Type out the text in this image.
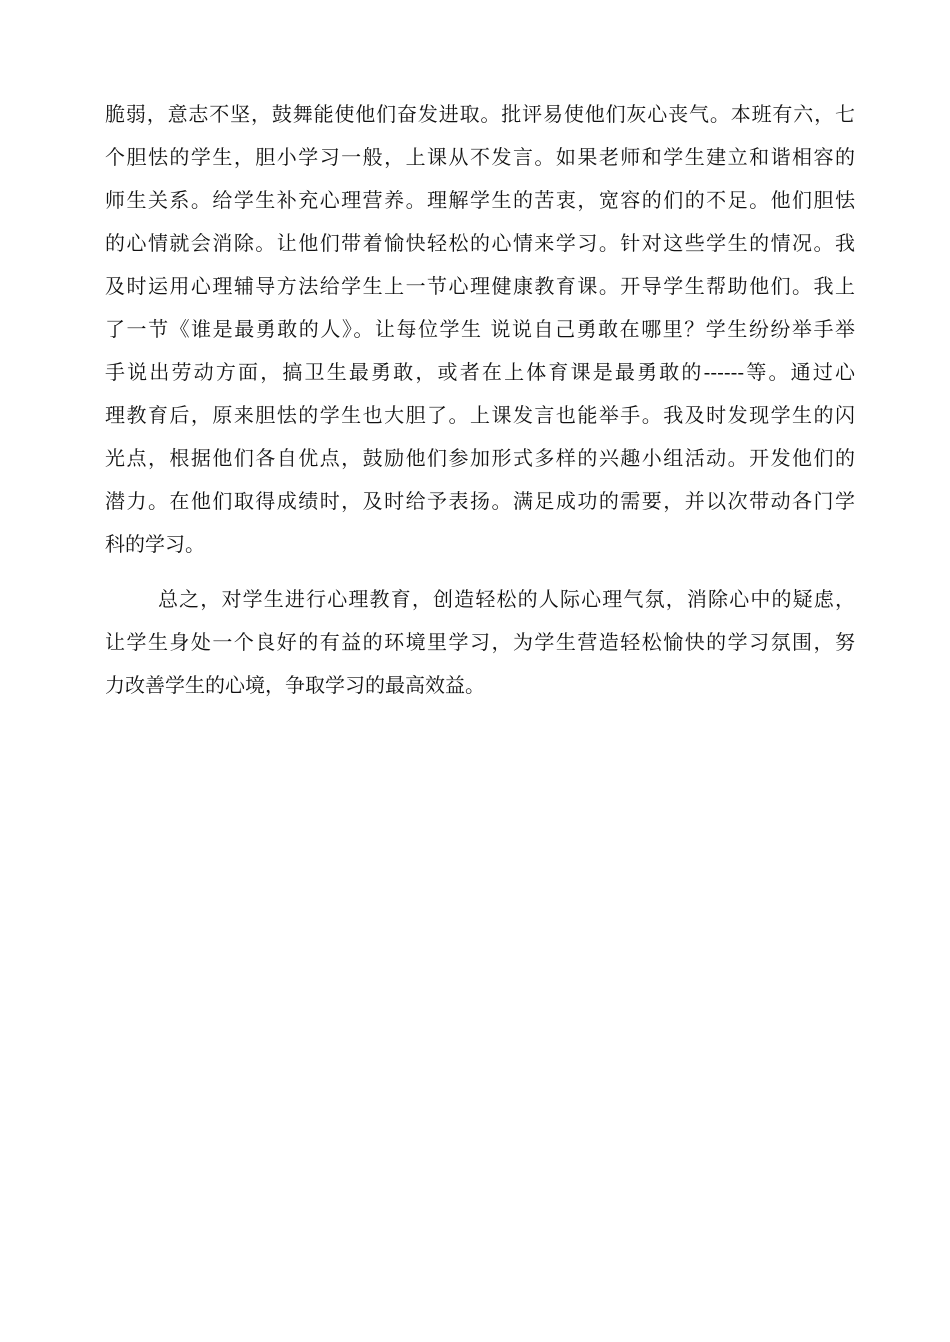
脆弱，意志不坚，鼓舞能使他们奋发进取。批评易使他们灰心丧气。本班有六，七
个胆怯的学生，胆小学习一般，上课从不发言。如果老师和学生建立和谐相容的
师生关系。给学生补充心理营养。理解学生的苦衷，宽容的们的不足。他们胆怯
的心情就会消除。让他们带着愉快轻松的心情来学习。针对这些学生的情况。我
及时运用心理辅导方法给学生上一节心理健康教育课。开导学生帮助他们。我上
了一节《谁是最勇敢的人》。让每位学生 说说自己勇敢在哪里？学生纷纷举手举
手说出劳动方面，搞卫生最勇敢，或者在上体育课是最勇敢的------等。通过心
理教育后，原来胆怯的学生也大胆了。上课发言也能举手。我及时发现学生的闪
光点，根据他们各自优点，鼓励他们参加形式多样的兴趣小组活动。开发他们的
潜力。在他们取得成绩时，及时给予表扬。满足成功的需要，并以次带动各门学
科的学习。
总之，对学生进行心理教育，创造轻松的人际心理气氛，消除心中的疑虑，
让学生身处一个良好的有益的环境里学习，为学生营造轻松愉快的学习氛围，努
力改善学生的心境，争取学习的最高效益。
